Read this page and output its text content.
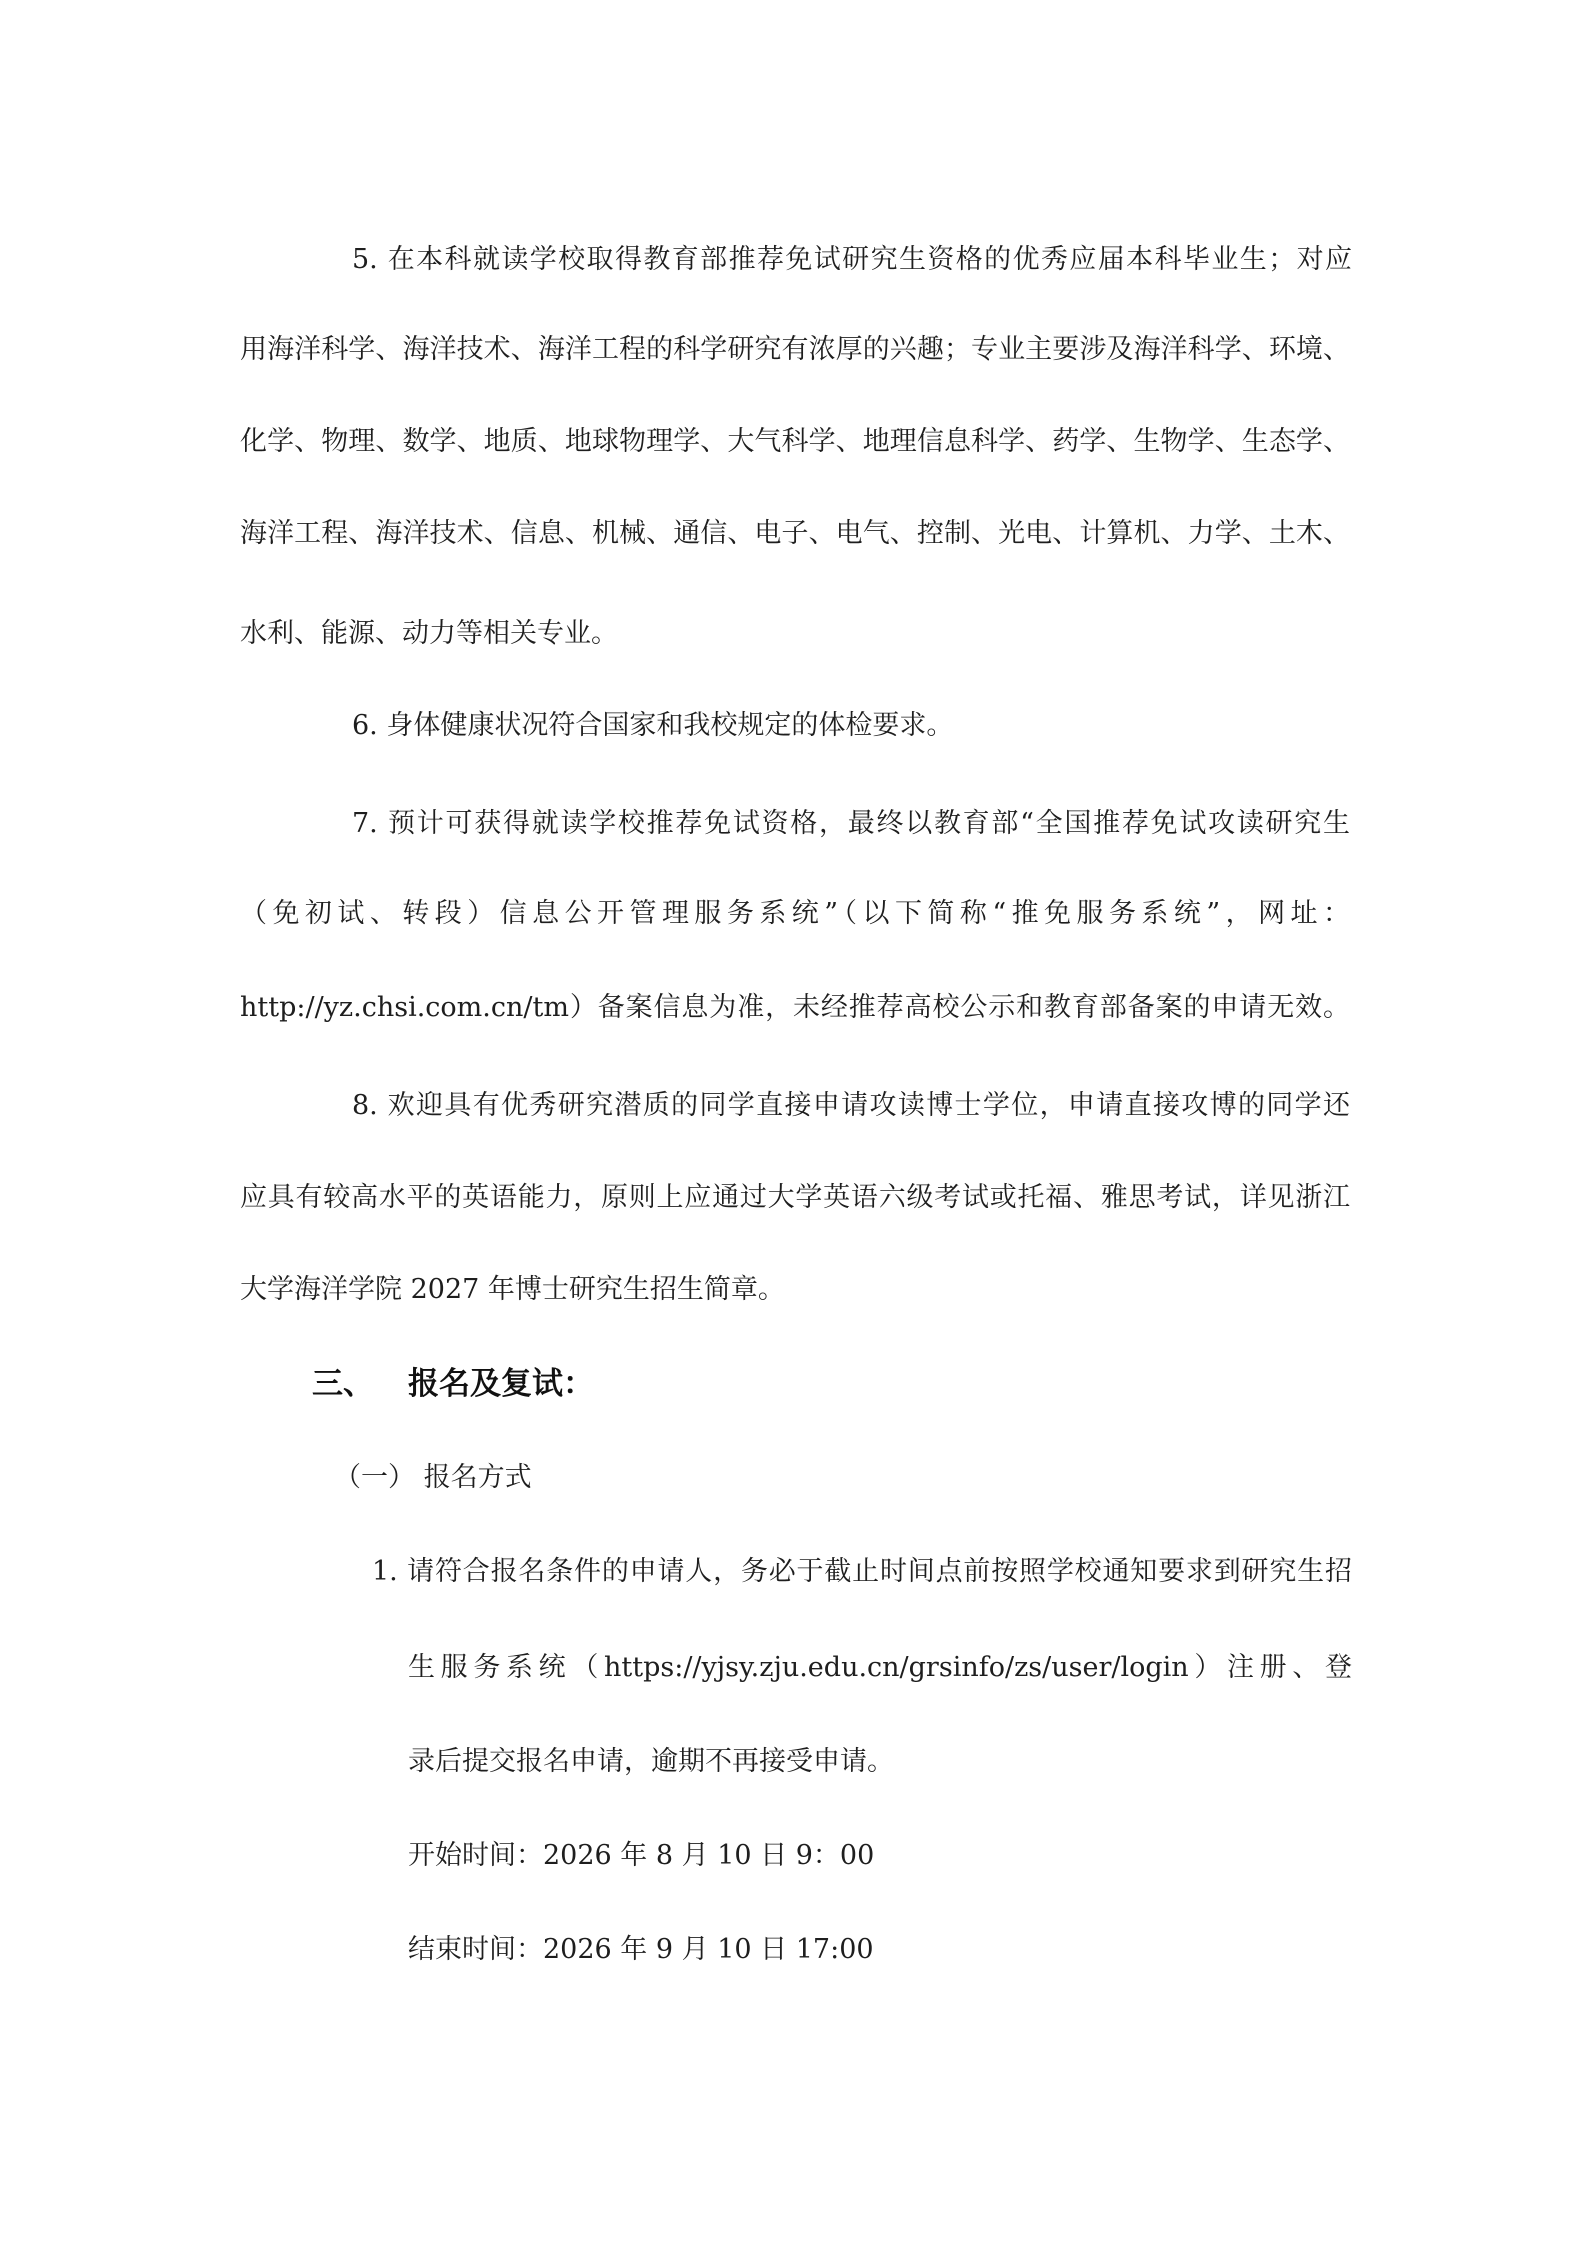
5. 在本科就读学校取得教育部推荐免试研究生资格的优秀应届本科毕业生；对应

用海洋科学、海洋技术、海洋工程的科学研究有浓厚的兴趣；专业主要涉及海洋科学、环境、

化学、物理、数学、地质、地球物理学、大气科学、地理信息科学、药学、生物学、生态学、

海洋工程、海洋技术、信息、机械、通信、电子、电气、控制、光电、计算机、力学、土木、

水利、能源、动力等相关专业。

6. 身体健康状况符合国家和我校规定的体检要求。

7. 预计可获得就读学校推荐免试资格，最终以教育部“全国推荐免试攻读研究生

（免初试、转段）信息公开管理服务系统”（以下简称“推免服务系统”，网址：

http://yz.chsi.com.cn/tm）备案信息为准，未经推荐高校公示和教育部备案的申请无效。

8. 欢迎具有优秀研究潜质的同学直接申请攻读博士学位，申请直接攻博的同学还

应具有较高水平的英语能力，原则上应通过大学英语六级考试或托福、雅思考试，详见浙江

大学海洋学院 2027 年博士研究生招生简章。

三、 报名及复试：

（一） 报名方式

1. 请符合报名条件的申请人，务必于截止时间点前按照学校通知要求到研究生招

生服务系统（https://yjsy.zju.edu.cn/grsinfo/zs/user/login）注册、登

录后提交报名申请，逾期不再接受申请。

开始时间：2026 年 8 月 10 日 9：00

结束时间：2026 年 9 月 10 日 17:00
